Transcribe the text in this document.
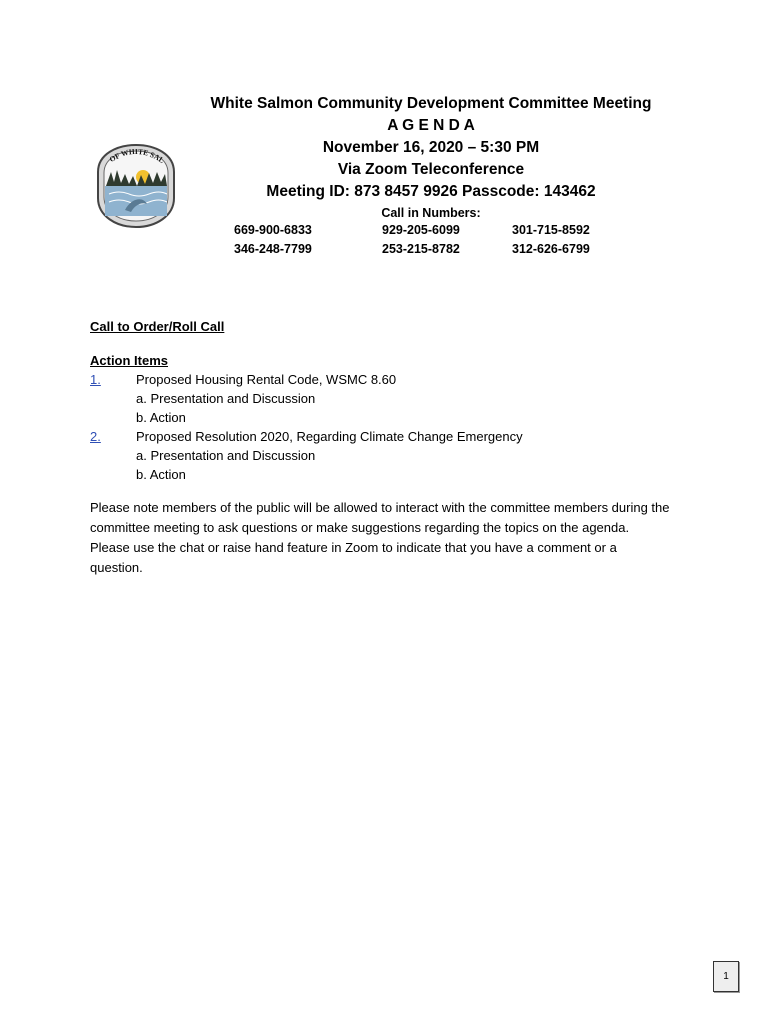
OF WHITE SAL
White Salmon Community Development Committee Meeting
A G E N D A
November 16, 2020 – 5:30 PM
Via Zoom Teleconference
Meeting ID: 873 8457 9926 Passcode: 143462
Call in Numbers:
669-900-6833	929-205-6099	301-715-8592
346-248-7799	253-215-8782	312-626-6799
Call to Order/Roll Call
Action Items
1.	Proposed Housing Rental Code, WSMC 8.60
a. Presentation and Discussion
b. Action
2.	Proposed Resolution 2020, Regarding Climate Change Emergency
a. Presentation and Discussion
b. Action
Please note members of the public will be allowed to interact with the committee members during the committee meeting to ask questions or make suggestions regarding the topics on the agenda. Please use the chat or raise hand feature in Zoom to indicate that you have a comment or a question.
1
